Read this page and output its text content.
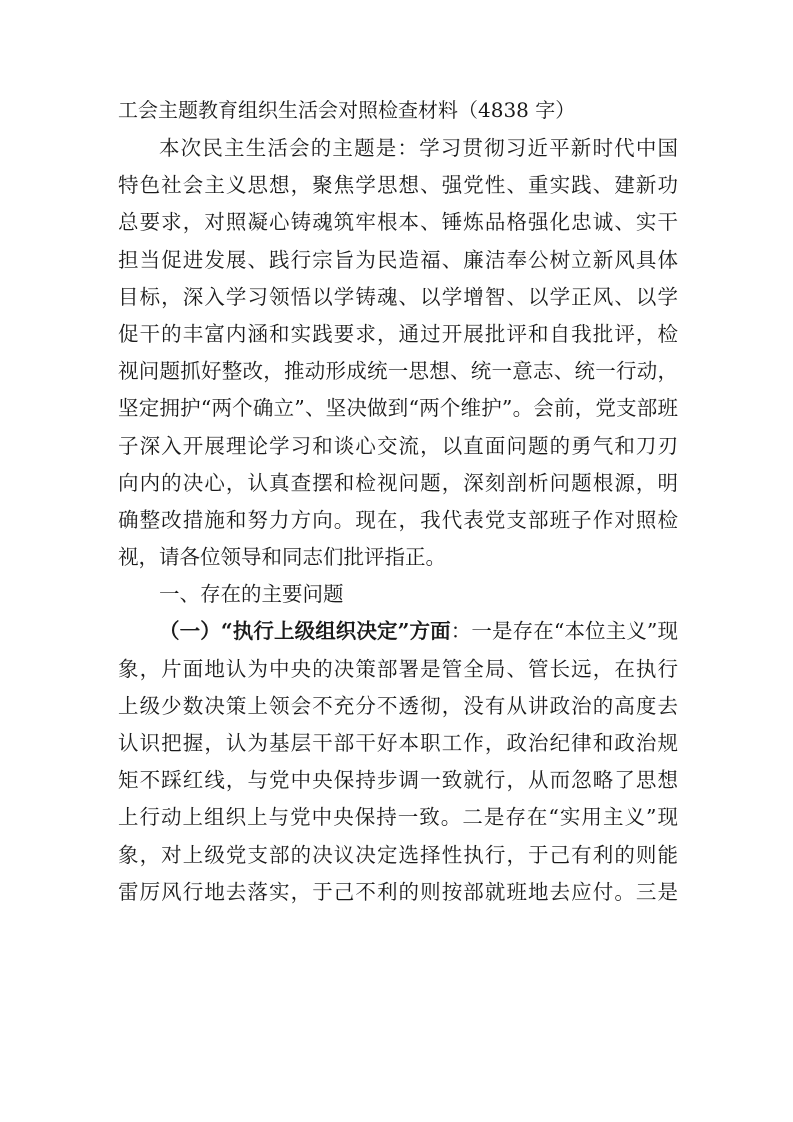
工会主题教育组织生活会对照检查材料（4838 字）

本次民主生活会的主题是：学习贯彻习近平新时代中国

特色社会主义思想，聚焦学思想、强党性、重实践、建新功

总要求，对照凝心铸魂筑牢根本、锤炼品格强化忠诚、实干

担当促进发展、践行宗旨为民造福、廉洁奉公树立新风具体

目标，深入学习领悟以学铸魂、以学增智、以学正风、以学

促干的丰富内涵和实践要求，通过开展批评和自我批评，检

视问题抓好整改，推动形成统一思想、统一意志、统一行动，

坚定拥护“两个确立”、坚决做到“两个维护”。会前，党支部班

子深入开展理论学习和谈心交流，以直面问题的勇气和刀刃

向内的决心，认真查摆和检视问题，深刻剖析问题根源，明

确整改措施和努力方向。现在，我代表党支部班子作对照检

视，请各位领导和同志们批评指正。

一、存在的主要问题

（一）“执行上级组织决定”方面：一是存在“本位主义”现

象，片面地认为中央的决策部署是管全局、管长远，在执行

上级少数决策上领会不充分不透彻，没有从讲政治的高度去

认识把握，认为基层干部干好本职工作，政治纪律和政治规

矩不踩红线，与党中央保持步调一致就行，从而忽略了思想

上行动上组织上与党中央保持一致。二是存在“实用主义”现

象，对上级党支部的决议决定选择性执行，于己有利的则能

雷厉风行地去落实，于己不利的则按部就班地去应付。三是
